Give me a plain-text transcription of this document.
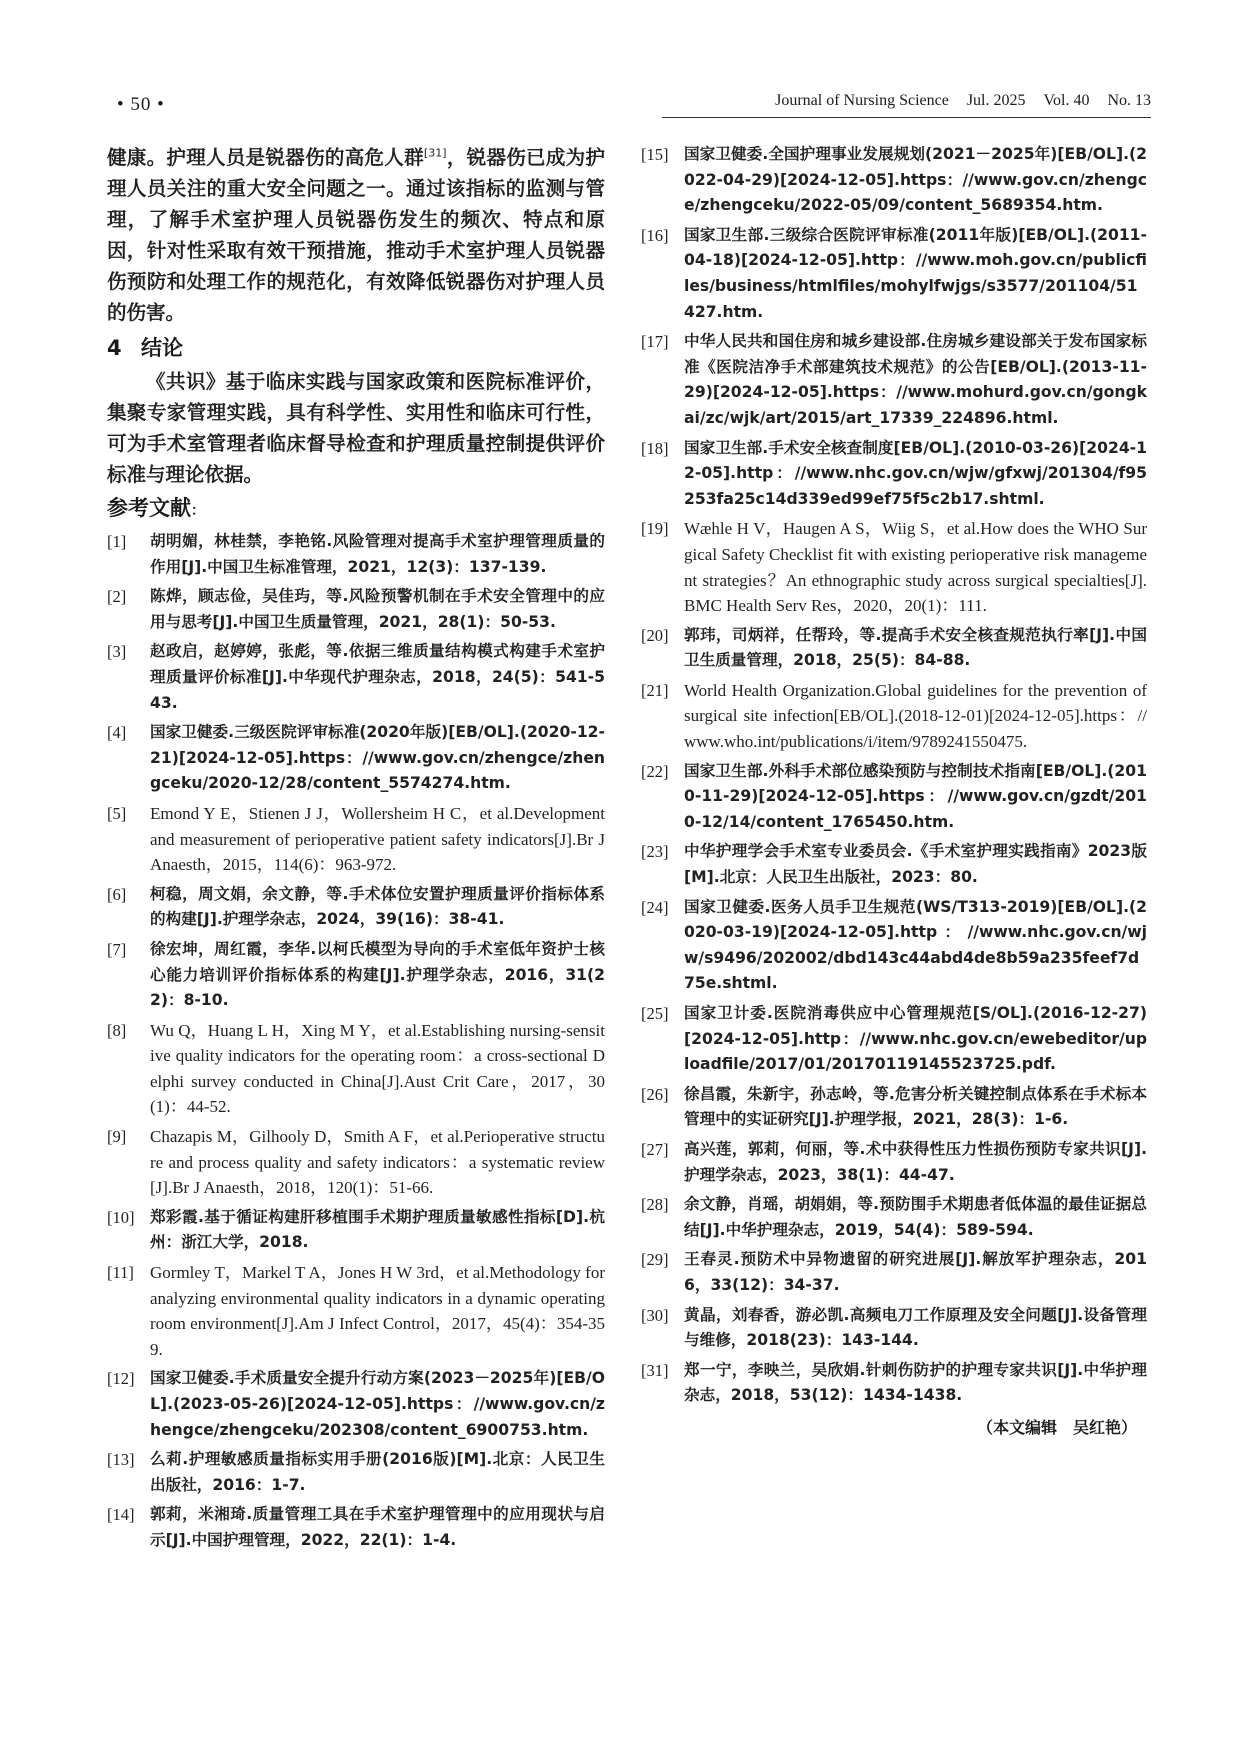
• 50 •	Journal of Nursing Science Jul. 2025 Vol. 40 No. 13

健康。护理人员是锐器伤的高危人群[31]，锐器伤已成为护理人员关注的重大安全问题之一。通过该指标的监测与管理，了解手术室护理人员锐器伤发生的频次、特点和原因，针对性采取有效干预措施，推动手术室护理人员锐器伤预防和处理工作的规范化，有效降低锐器伤对护理人员的伤害。

4 结论

《共识》基于临床实践与国家政策和医院标准评价，集聚专家管理实践，具有科学性、实用性和临床可行性，可为手术室管理者临床督导检查和护理质量控制提供评价标准与理论依据。

参考文献：
[1] 胡明媚，林桂禁，李艳铭.风险管理对提高手术室护理管理质量的作用[J].中国卫生标准管理，2021，12(3)：137-139.
[2] 陈烨，顾志俭，吴佳玙，等.风险预警机制在手术安全管理中的应用与思考[J].中国卫生质量管理，2021，28(1)：50-53.
[3] 赵政启，赵婷婷，张彪，等.依据三维质量结构模式构建手术室护理质量评价标准[J].中华现代护理杂志，2018，24(5)：541-543.
[4] 国家卫健委.三级医院评审标准(2020年版)[EB/OL].(2020-12-21)[2024-12-05].https：//www.gov.cn/zhengce/zhengceku/2020-12/28/content_5574274.htm.
[5] Emond Y E，Stienen J J，Wollersheim H C，et al.Development and measurement of perioperative patient safety indicators[J].Br J Anaesth，2015，114(6)：963-972.
[6] 柯稳，周文娟，余文静，等.手术体位安置护理质量评价指标体系的构建[J].护理学杂志，2024，39(16)：38-41.
[7] 徐宏坤，周红霞，李华.以柯氏模型为导向的手术室低年资护士核心能力培训评价指标体系的构建[J].护理学杂志，2016，31(22)：8-10.
[8] Wu Q，Huang L H，Xing M Y，et al.Establishing nursing-sensitive quality indicators for the operating room：a cross-sectional Delphi survey conducted in China[J].Aust Crit Care，2017，30(1)：44-52.
[9] Chazapis M，Gilhooly D，Smith A F，et al.Perioperative structure and process quality and safety indicators：a systematic review[J].Br J Anaesth，2018，120(1)：51-66.
[10] 郑彩霞.基于循证构建肝移植围手术期护理质量敏感性指标[D].杭州：浙江大学，2018.
[11] Gormley T，Markel T A，Jones H W 3rd，et al.Methodology for analyzing environmental quality indicators in a dynamic operating room environment[J].Am J Infect Control，2017，45(4)：354-359.
[12] 国家卫健委.手术质量安全提升行动方案(2023－2025年)[EB/OL].(2023-05-26)[2024-12-05].https：//www.gov.cn/zhengce/zhengceku/202308/content_6900753.htm.
[13] 么莉.护理敏感质量指标实用手册(2016版)[M].北京：人民卫生出版社，2016：1-7.
[14] 郭莉，米湘琦.质量管理工具在手术室护理管理中的应用现状与启示[J].中国护理管理，2022，22(1)：1-4.
[15] 国家卫健委.全国护理事业发展规划(2021－2025年)[EB/OL].(2022-04-29)[2024-12-05].https：//www.gov.cn/zhengce/zhengceku/2022-05/09/content_5689354.htm.
[16] 国家卫生部.三级综合医院评审标准(2011年版)[EB/OL].(2011-04-18)[2024-12-05].http：//www.moh.gov.cn/publicfiles/business/htmlfiles/mohylfwjgs/s3577/201104/51427.htm.
[17] 中华人民共和国住房和城乡建设部.住房城乡建设部关于发布国家标准《医院洁净手术部建筑技术规范》的公告[EB/OL].(2013-11-29)[2024-12-05].https：//www.mohurd.gov.cn/gongkai/zc/wjk/art/2015/art_17339_224896.html.
[18] 国家卫生部.手术安全核查制度[EB/OL].(2010-03-26)[2024-12-05].http：//www.nhc.gov.cn/wjw/gfxwj/201304/f95253fa25c14d339ed99ef75f5c2b17.shtml.
[19] Wæhle H V，Haugen A S，Wiig S，et al.How does the WHO Surgical Safety Checklist fit with existing perioperative risk management strategies？An ethnographic study across surgical specialties[J].BMC Health Serv Res，2020，20(1)：111.
[20] 郭玮，司炳祥，任帮玲，等.提高手术安全核查规范执行率[J].中国卫生质量管理，2018，25(5)：84-88.
[21] World Health Organization.Global guidelines for the prevention of surgical site infection[EB/OL].(2018-12-01)[2024-12-05].https：//www.who.int/publications/i/item/9789241550475.
[22] 国家卫生部.外科手术部位感染预防与控制技术指南[EB/OL].(2010-11-29)[2024-12-05].https：//www.gov.cn/gzdt/2010-12/14/content_1765450.htm.
[23] 中华护理学会手术室专业委员会.《手术室护理实践指南》2023版[M].北京：人民卫生出版社，2023：80.
[24] 国家卫健委.医务人员手卫生规范(WS/T313-2019)[EB/OL].(2020-03-19)[2024-12-05].http：//www.nhc.gov.cn/wjw/s9496/202002/dbd143c44abd4de8b59a235feef7d75e.shtml.
[25] 国家卫计委.医院消毒供应中心管理规范[S/OL].(2016-12-27)[2024-12-05].http：//www.nhc.gov.cn/ewebeditor/uploadfile/2017/01/20170119145523725.pdf.
[26] 徐昌霞，朱新宇，孙志岭，等.危害分析关键控制点体系在手术标本管理中的实证研究[J].护理学报，2021，28(3)：1-6.
[27] 高兴莲，郭莉，何丽，等.术中获得性压力性损伤预防专家共识[J].护理学杂志，2023，38(1)：44-47.
[28] 余文静，肖瑶，胡娟娟，等.预防围手术期患者低体温的最佳证据总结[J].中华护理杂志，2019，54(4)：589-594.
[29] 王春灵.预防术中异物遗留的研究进展[J].解放军护理杂志，2016，33(12)：34-37.
[30] 黄晶，刘春香，游必凯.高频电刀工作原理及安全问题[J].设备管理与维修，2018(23)：143-144.
[31] 郑一宁，李映兰，吴欣娟.针刺伤防护的护理专家共识[J].中华护理杂志，2018，53(12)：1434-1438.
（本文编辑　吴红艳）
